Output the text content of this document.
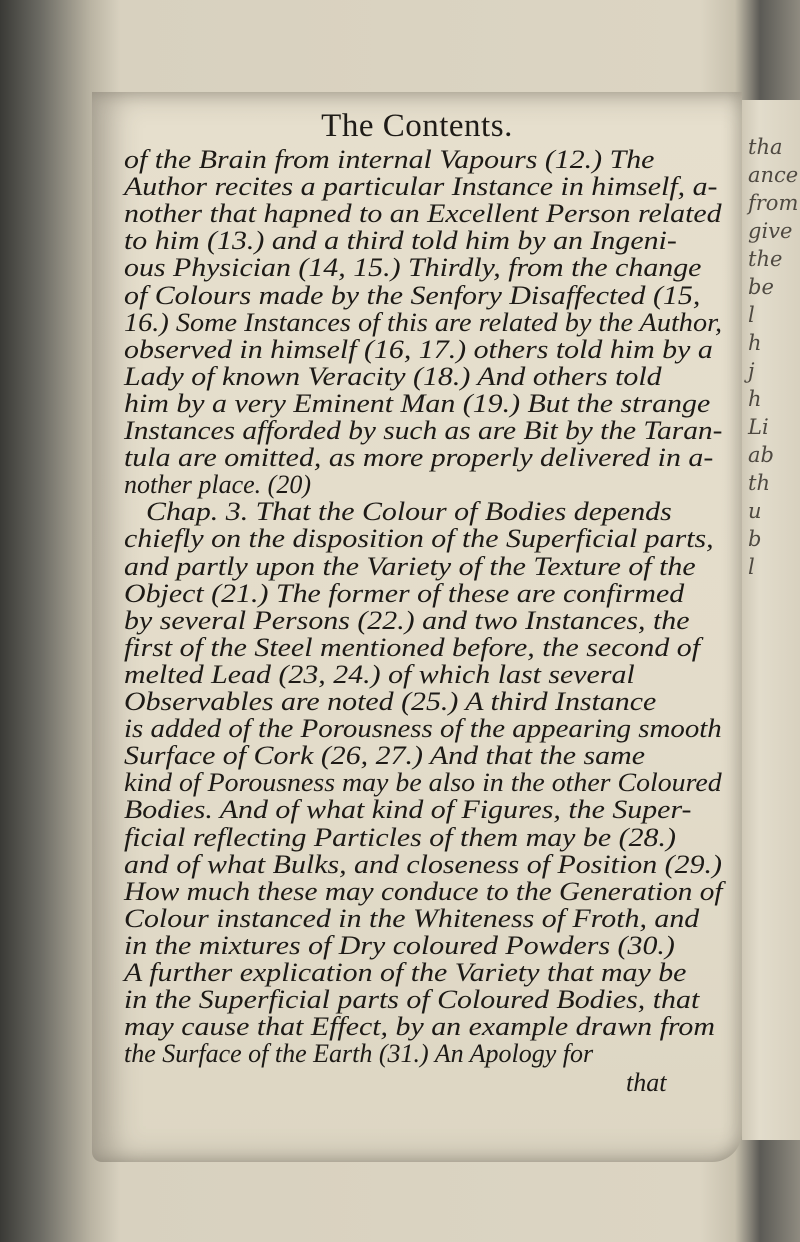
tha
ance
from
give
the
be
l
h
j
h
Li
ab
th
u
b
l
The Contents.
of the Brain from internal Vapours (12.) The
Author recites a particular Instance in himself, a-
nother that hapned to an Excellent Person related
to him (13.) and a third told him by an Ingeni-
ous Physician (14, 15.) Thirdly, from the change
of Colours made by the Senfory Disaffected (15,
16.) Some Instances of this are related by the Author,
observed in himself (16, 17.) others told him by a
Lady of known Veracity (18.) And others told
him by a very Eminent Man (19.) But the strange
Instances afforded by such as are Bit by the Taran-
tula are omitted, as more properly delivered in a-
nother place. (20)
Chap. 3. That the Colour of Bodies depends
chiefly on the disposition of the Superficial parts,
and partly upon the Variety of the Texture of the
Object (21.) The former of these are confirmed
by several Persons (22.) and two Instances, the
first of the Steel mentioned before, the second of
melted Lead (23, 24.) of which last several
Observables are noted (25.) A third Instance
is added of the Porousness of the appearing smooth
Surface of Cork (26, 27.) And that the same
kind of Porousness may be also in the other Coloured
Bodies. And of what kind of Figures, the Super-
ficial reflecting Particles of them may be (28.)
and of what Bulks, and closeness of Position (29.)
How much these may conduce to the Generation of
Colour instanced in the Whiteness of Froth, and
in the mixtures of Dry coloured Powders (30.)
A further explication of the Variety that may be
in the Superficial parts of Coloured Bodies, that
may cause that Effect, by an example drawn from
the Surface of the Earth (31.) An Apology for
that
